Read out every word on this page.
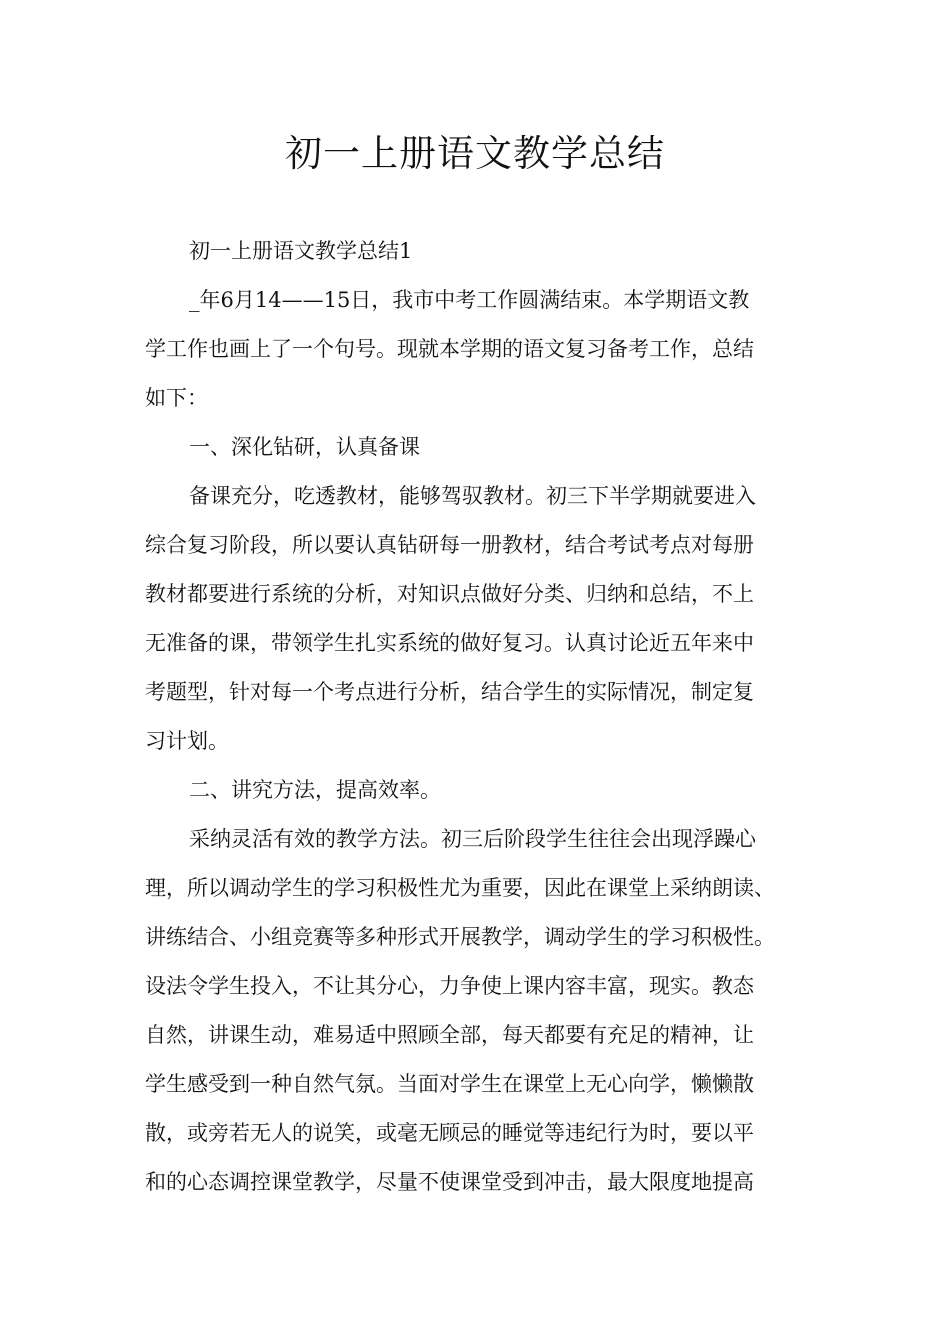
初一上册语文教学总结
初一上册语文教学总结1
_年6月14——15日，我市中考工作圆满结束。本学期语文教
学工作也画上了一个句号。现就本学期的语文复习备考工作，总结
如下：
一、深化钻研，认真备课
备课充分，吃透教材，能够驾驭教材。初三下半学期就要进入
综合复习阶段，所以要认真钻研每一册教材，结合考试考点对每册
教材都要进行系统的分析，对知识点做好分类、归纳和总结，不上
无准备的课，带领学生扎实系统的做好复习。认真讨论近五年来中
考题型，针对每一个考点进行分析，结合学生的实际情况，制定复
习计划。
二、讲究方法，提高效率。
采纳灵活有效的教学方法。初三后阶段学生往往会出现浮躁心
理，所以调动学生的学习积极性尤为重要，因此在课堂上采纳朗读、
讲练结合、小组竞赛等多种形式开展教学，调动学生的学习积极性。
设法令学生投入，不让其分心，力争使上课内容丰富，现实。教态
自然，讲课生动，难易适中照顾全部，每天都要有充足的精神，让
学生感受到一种自然气氛。当面对学生在课堂上无心向学，懒懒散
散，或旁若无人的说笑，或毫无顾忌的睡觉等违纪行为时，要以平
和的心态调控课堂教学，尽量不使课堂受到冲击，最大限度地提高
